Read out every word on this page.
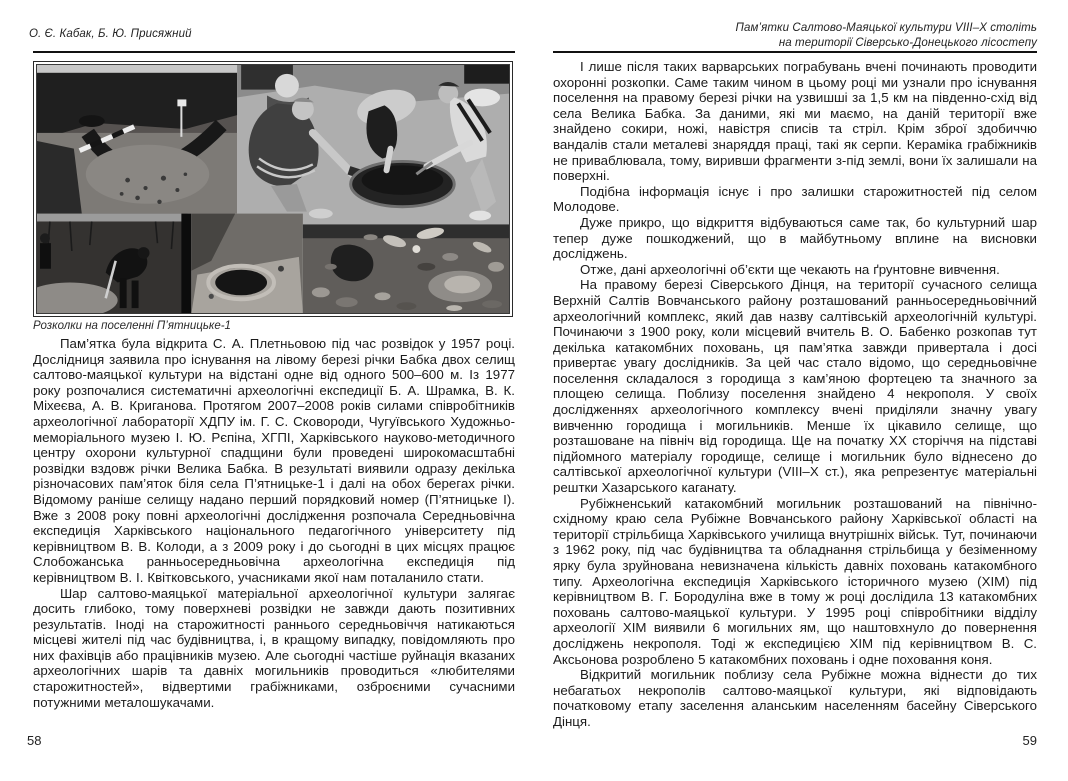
О. Є. Кабак, Б. Ю. Присяжний
Розколки на поселенні П’ятницьке-1

Пам’ятка була відкрита С. А. Плетньовою під час розвідок у 1957 році. Дослідниця заявила про існування на лівому березі річки Бабка двох селищ салтово-маяцької культури на відстані одне від одного 500–600 м. Із 1977 року розпочалися систематичні археологічні експедиції Б. А. Шрамка, В. К. Міхеєва, А. В. Криганова. Протягом 2007–2008 років силами співробітників археологічної лабораторії ХДПУ ім. Г. С. Сковороди, Чугуївського Художньо-меморіального музею І. Ю. Рєпіна, ХГПІ, Харківського науково-методичного центру охорони культурної спадщини були проведені широкомасштабні розвідки вздовж річки Велика Бабка. В результаті виявили одразу декілька різночасових пам’яток біля села П’ятницьке-1 і далі на обох берегах річки. Відомому раніше селищу надано перший порядковий номер (П’ятницьке І). Вже з 2008 року повні археологічні дослідження розпочала Середньовічна експедиція Харківського національного педагогічного університету під керівництвом В. В. Колоди, а з 2009 року і до сьогодні в цих місцях працює Слобожанська ранньосередньовічна археологічна експедиція під керівництвом В. І. Квітковського, учасниками якої нам поталанило стати.

Шар салтово-маяцької матеріальної археологічної культури залягає досить глибоко, тому поверхневі розвідки не завжди дають позитивних результатів. Іноді на старожитності раннього середньовіччя натикаються місцеві жителі під час будівництва, і, в кращому випадку, повідомляють про них фахівців або працівників музею. Але сьогодні частіше руйнація вказаних археологічних шарів та давніх могильників проводиться «любителями старожитностей», відвертими грабіжниками, озброєними сучасними потужними металошукачами.

58
Пам’ятки Салтово-Маяцької культури VIII–X століть
на території Сіверсько-Донецького лісостепу

І лише після таких варварських пограбувань вчені починають проводити охоронні розкопки. Саме таким чином в цьому році ми узнали про існування поселення на правому березі річки на узвишші за 1,5 км на південно-схід від села Велика Бабка. За даними, які ми маємо, на даній території вже знайдено сокири, ножі, навістря списів та стріл. Крім зброї здобиччю вандалів стали металеві знаряддя праці, такі як серпи. Кераміка грабіжників не приваблювала, тому, виривши фрагменти з-під землі, вони їх залишали на поверхні.

Подібна інформація існує і про залишки старожитностей під селом Молодове.

Дуже прикро, що відкриття відбуваються саме так, бо культурний шар тепер дуже пошкоджений, що в майбутньому вплине на висновки досліджень.

Отже, дані археологічні об’єкти ще чекають на ґрунтовне вивчення.

На правому березі Сіверського Дінця, на території сучасного селища Верхній Салтів Вовчанського району розташований ранньосередньовічний археологічний комплекс, який дав назву салтівській археологічній культурі. Починаючи з 1900 року, коли місцевий вчитель В. О. Бабенко розкопав тут декілька катакомбних поховань, ця пам’ятка завжди привертала і досі привертає увагу дослідників. За цей час стало відомо, що середньовічне поселення складалося з городища з кам’яною фортецею та значного за площею селища. Поблизу поселення знайдено 4 некрополя. У своїх дослідженнях археологічного комплексу вчені приділяли значну увагу вивченню городища і могильників. Менше їх цікавило селище, що розташоване на північ від городища. Ще на початку XX сторіччя на підставі підйомного матеріалу городище, селище і могильник було віднесено до салтівської археологічної культури (VIII–X ст.), яка репрезентує матеріальні рештки Хазарського каганату.

Рубіжненський катакомбний могильник розташований на північно-східному краю села Рубіжне Вовчанського району Харківської області на території стрільбища Харківського училища внутрішніх військ. Тут, починаючи з 1962 року, під час будівництва та обладнання стрільбища у безіменному ярку була зруйнована невизначена кількість давніх поховань катакомбного типу. Археологічна експедиція Харківського історичного музею (ХІМ) під керівництвом В. Г. Бородуліна вже в тому ж році дослідила 13 катакомбних поховань салтово-маяцької культури. У 1995 році співробітники відділу археології ХІМ виявили 6 могильних ям, що наштовхнуло до повернення досліджень некрополя. Тоді ж експедицією ХІМ під керівництвом В. С. Аксьонова розроблено 5 катакомбних поховань і одне поховання коня.

Відкритий могильник поблизу села Рубіжне можна віднести до тих небагатьох некрополів салтово-маяцької культури, які відповідають початковому етапу заселення аланським населенням басейну Сіверського Дінця.

59
